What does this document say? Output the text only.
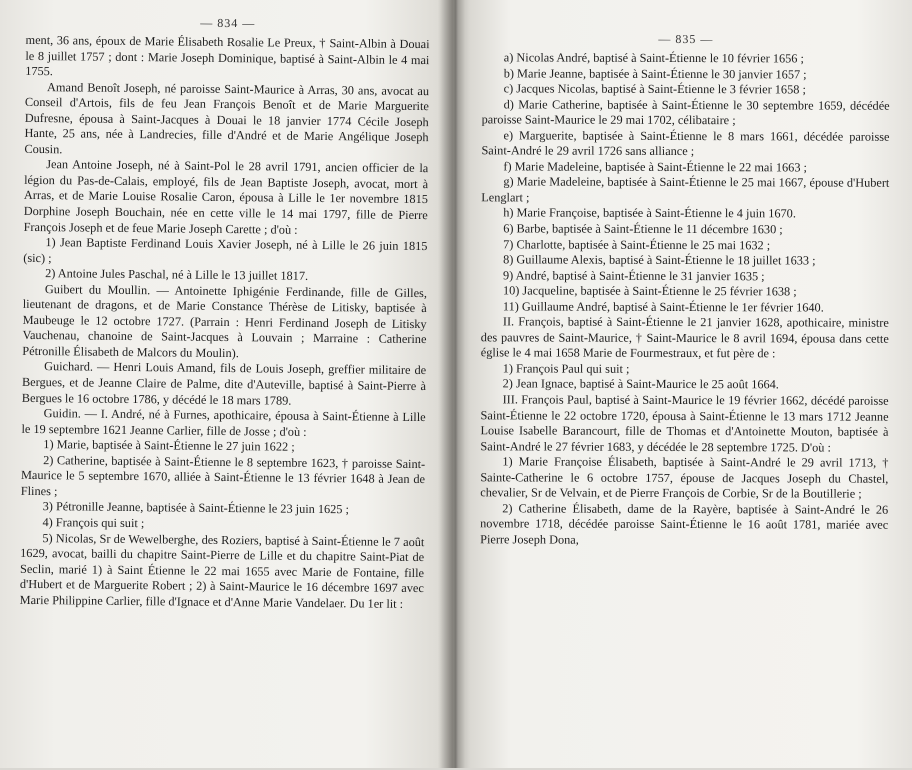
— 834 —

ment, 36 ans, époux de Marie Élisabeth Rosalie Le Preux, † Saint-Albin à Douai le 8 juillet 1757 ; dont : Marie Joseph Dominique, baptisé à Saint-Albin le 4 mai 1755.

Amand Benoît Joseph, né paroisse Saint-Maurice à Arras, 30 ans, avocat au Conseil d'Artois, fils de feu Jean François Benoît et de Marie Marguerite Dufresne, épousa à Saint-Jacques à Douai le 18 janvier 1774 Cécile Joseph Hante, 25 ans, née à Landrecies, fille d'André et de Marie Angélique Joseph Cousin.

Jean Antoine Joseph, né à Saint-Pol le 28 avril 1791, ancien officier de la légion du Pas-de-Calais, employé, fils de Jean Baptiste Joseph, avocat, mort à Arras, et de Marie Louise Rosalie Caron, épousa à Lille le 1er novembre 1815 Dorphine Joseph Bouchain, née en cette ville le 14 mai 1797, fille de Pierre François Joseph et de feue Marie Joseph Carette ; d'où :

1) Jean Baptiste Ferdinand Louis Xavier Joseph, né à Lille le 26 juin 1815 (sic) ;

2) Antoine Jules Paschal, né à Lille le 13 juillet 1817.

Guibert du Moullin. — Antoinette Iphigénie Ferdinande, fille de Gilles, lieutenant de dragons, et de Marie Constance Thérèse de Litisky, baptisée à Maubeuge le 12 octobre 1727. (Parrain : Henri Ferdinand Joseph de Litisky Vauchenau, chanoine de Saint-Jacques à Louvain ; Marraine : Catherine Pétronille Élisabeth de Malcors du Moulin).

Guichard. — Henri Louis Amand, fils de Louis Joseph, greffier militaire de Bergues, et de Jeanne Claire de Palme, dite d'Auteville, baptisé à Saint-Pierre à Bergues le 16 octobre 1786, y décédé le 18 mars 1789.

Guidin. — I. André, né à Furnes, apothicaire, épousa à Saint-Étienne à Lille le 19 septembre 1621 Jeanne Carlier, fille de Josse ; d'où :

1) Marie, baptisée à Saint-Étienne le 27 juin 1622 ;

2) Catherine, baptisée à Saint-Étienne le 8 septembre 1623, † paroisse Saint-Maurice le 5 septembre 1670, alliée à Saint-Étienne le 13 février 1648 à Jean de Flines ;

3) Pétronille Jeanne, baptisée à Saint-Étienne le 23 juin 1625 ;

4) François qui suit ;

5) Nicolas, Sr de Wewelberghe, des Roziers, baptisé à Saint-Étienne le 7 août 1629, avocat, bailli du chapitre Saint-Pierre de Lille et du chapitre Saint-Piat de Seclin, marié 1) à Saint Étienne le 22 mai 1655 avec Marie de Fontaine, fille d'Hubert et de Marguerite Robert ; 2) à Saint-Maurice le 16 décembre 1697 avec Marie Philippine Carlier, fille d'Ignace et d'Anne Marie Vandelaer. Du 1er lit :

— 835 —

a) Nicolas André, baptisé à Saint-Étienne le 10 février 1656 ;

b) Marie Jeanne, baptisée à Saint-Étienne le 30 janvier 1657 ;

c) Jacques Nicolas, baptisé à Saint-Étienne le 3 février 1658 ;

d) Marie Catherine, baptisée à Saint-Étienne le 30 septembre 1659, décédée paroisse Saint-Maurice le 29 mai 1702, célibataire ;

e) Marguerite, baptisée à Saint-Étienne le 8 mars 1661, décédée paroisse Saint-André le 29 avril 1726 sans alliance ;

f) Marie Madeleine, baptisée à Saint-Étienne le 22 mai 1663 ;

g) Marie Madeleine, baptisée à Saint-Étienne le 25 mai 1667, épouse d'Hubert Lenglart ;

h) Marie Françoise, baptisée à Saint-Étienne le 4 juin 1670.

6) Barbe, baptisée à Saint-Étienne le 11 décembre 1630 ;

7) Charlotte, baptisée à Saint-Étienne le 25 mai 1632 ;

8) Guillaume Alexis, baptisé à Saint-Étienne le 18 juillet 1633 ;

9) André, baptisé à Saint-Étienne le 31 janvier 1635 ;

10) Jacqueline, baptisée à Saint-Étienne le 25 février 1638 ;

11) Guillaume André, baptisé à Saint-Étienne le 1er février 1640.

II. François, baptisé à Saint-Étienne le 21 janvier 1628, apothicaire, ministre des pauvres de Saint-Maurice, † Saint-Maurice le 8 avril 1694, épousa dans cette église le 4 mai 1658 Marie de Fourmestraux, et fut père de :

1) François Paul qui suit ;

2) Jean Ignace, baptisé à Saint-Maurice le 25 août 1664.

III. François Paul, baptisé à Saint-Maurice le 19 février 1662, décédé paroisse Saint-Étienne le 22 octobre 1720, épousa à Saint-Étienne le 13 mars 1712 Jeanne Louise Isabelle Barancourt, fille de Thomas et d'Antoinette Mouton, baptisée à Saint-André le 27 février 1683, y décédée le 28 septembre 1725. D'où :

1) Marie Françoise Élisabeth, baptisée à Saint-André le 29 avril 1713, † Sainte-Catherine le 6 octobre 1757, épouse de Jacques Joseph du Chastel, chevalier, Sr de Velvain, et de Pierre François de Corbie, Sr de la Boutillerie ;

2) Catherine Élisabeth, dame de la Rayère, baptisée à Saint-André le 26 novembre 1718, décédée paroisse Saint-Étienne le 16 août 1781, mariée avec Pierre Joseph Dona,
